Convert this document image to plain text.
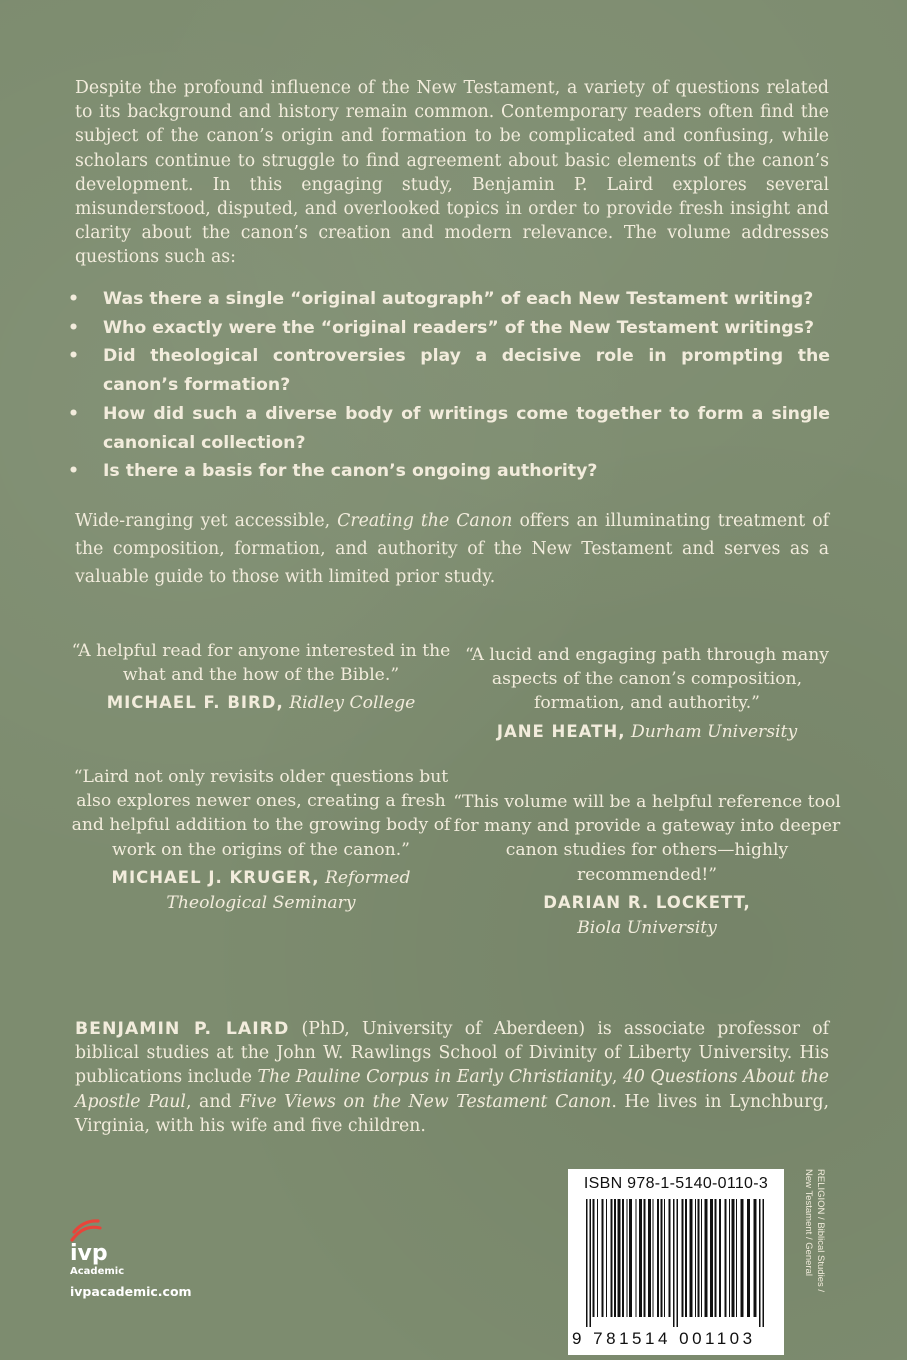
Despite the profound influence of the New Testament, a variety of questions related to its background and history remain common. Contemporary readers often find the subject of the canon’s origin and formation to be complicated and confusing, while scholars continue to struggle to find agreement about basic elements of the canon’s development. In this engaging study, Benjamin P. Laird explores several misunderstood, disputed, and overlooked topics in order to provide fresh insight and clarity about the canon’s creation and modern relevance. The volume addresses questions such as:

• Was there a single “original autograph” of each New Testament writing?
• Who exactly were the “original readers” of the New Testament writings?
• Did theological controversies play a decisive role in prompting the canon’s formation?
• How did such a diverse body of writings come together to form a single canonical collection?
• Is there a basis for the canon’s ongoing authority?

Wide-ranging yet accessible, Creating the Canon offers an illuminating treatment of the composition, formation, and authority of the New Testament and serves as a valuable guide to those with limited prior study.

“A helpful read for anyone interested in the what and the how of the Bible.”

MICHAEL F. BIRD, Ridley College

“Laird not only revisits older questions but also explores newer ones, creating a fresh and helpful addition to the growing body of work on the origins of the canon.”

MICHAEL J. KRUGER, Reformed Theological Seminary

“A lucid and engaging path through many aspects of the canon’s composition, formation, and authority.”

JANE HEATH, Durham University

“This volume will be a helpful reference tool for many and provide a gateway into deeper canon studies for others—highly recommended!”

DARIAN R. LOCKETT,
Biola University

BENJAMIN P. LAIRD (PhD, University of Aberdeen) is associate professor of biblical studies at the John W. Rawlings School of Divinity of Liberty University. His publications include The Pauline Corpus in Early Christianity, 40 Questions About the Apostle Paul, and Five Views on the New Testament Canon. He lives in Lynchburg, Virginia, with his wife and five children.

ivp
Academic
ivpacademic.com
ISBN 978-1-5140-0110-3
9 781514 001103
RELIGION / Biblical Studies /
New Testament / General
